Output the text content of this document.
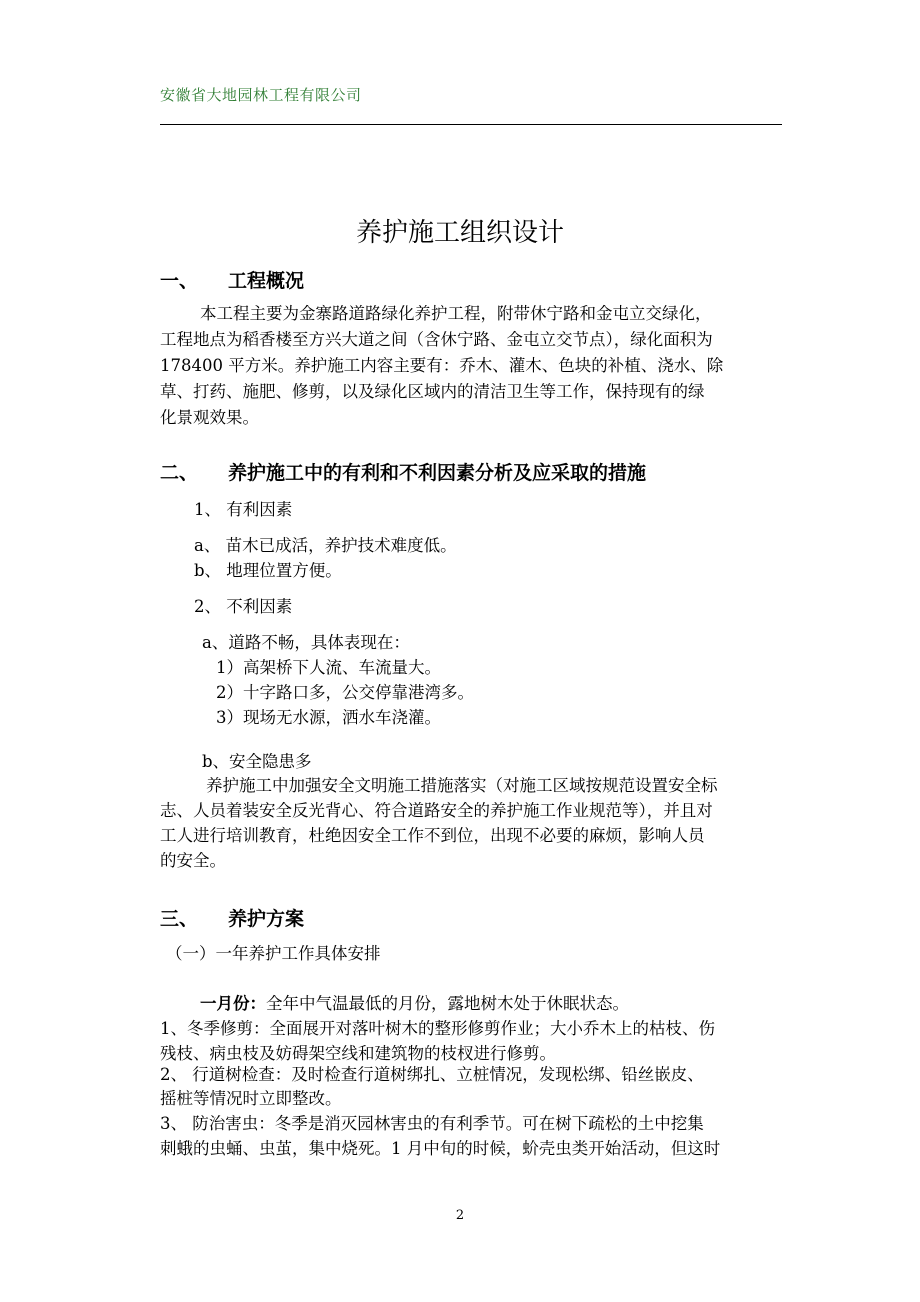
安徽省大地园林工程有限公司
养护施工组织设计
一、 工程概况
本工程主要为金寨路道路绿化养护工程，附带休宁路和金屯立交绿化，
工程地点为稻香楼至方兴大道之间（含休宁路、金屯立交节点），绿化面积为
178400 平方米。养护施工内容主要有：乔木、灌木、色块的补植、浇水、除
草、打药、施肥、修剪，以及绿化区域内的清洁卫生等工作，保持现有的绿
化景观效果。
二、 养护施工中的有利和不利因素分析及应采取的措施
1、 有利因素
a、 苗木已成活，养护技术难度低。
b、 地理位置方便。
2、 不利因素
a、道路不畅，具体表现在：
1）高架桥下人流、车流量大。
2）十字路口多，公交停靠港湾多。
3）现场无水源，洒水车浇灌。
b、安全隐患多
养护施工中加强安全文明施工措施落实（对施工区域按规范设置安全标
志、人员着装安全反光背心、符合道路安全的养护施工作业规范等），并且对
工人进行培训教育，杜绝因安全工作不到位，出现不必要的麻烦，影响人员
的安全。
三、 养护方案
（一）一年养护工作具体安排
一月份：全年中气温最低的月份，露地树木处于休眠状态。
1、冬季修剪：全面展开对落叶树木的整形修剪作业；大小乔木上的枯枝、伤
残枝、病虫枝及妨碍架空线和建筑物的枝杈进行修剪。
2、 行道树检查：及时检查行道树绑扎、立桩情况，发现松绑、铅丝嵌皮、
摇桩等情况时立即整改。
3、 防治害虫：冬季是消灭园林害虫的有利季节。可在树下疏松的土中挖集
刺蛾的虫蛹、虫茧，集中烧死。1 月中旬的时候，蚧壳虫类开始活动，但这时
2
